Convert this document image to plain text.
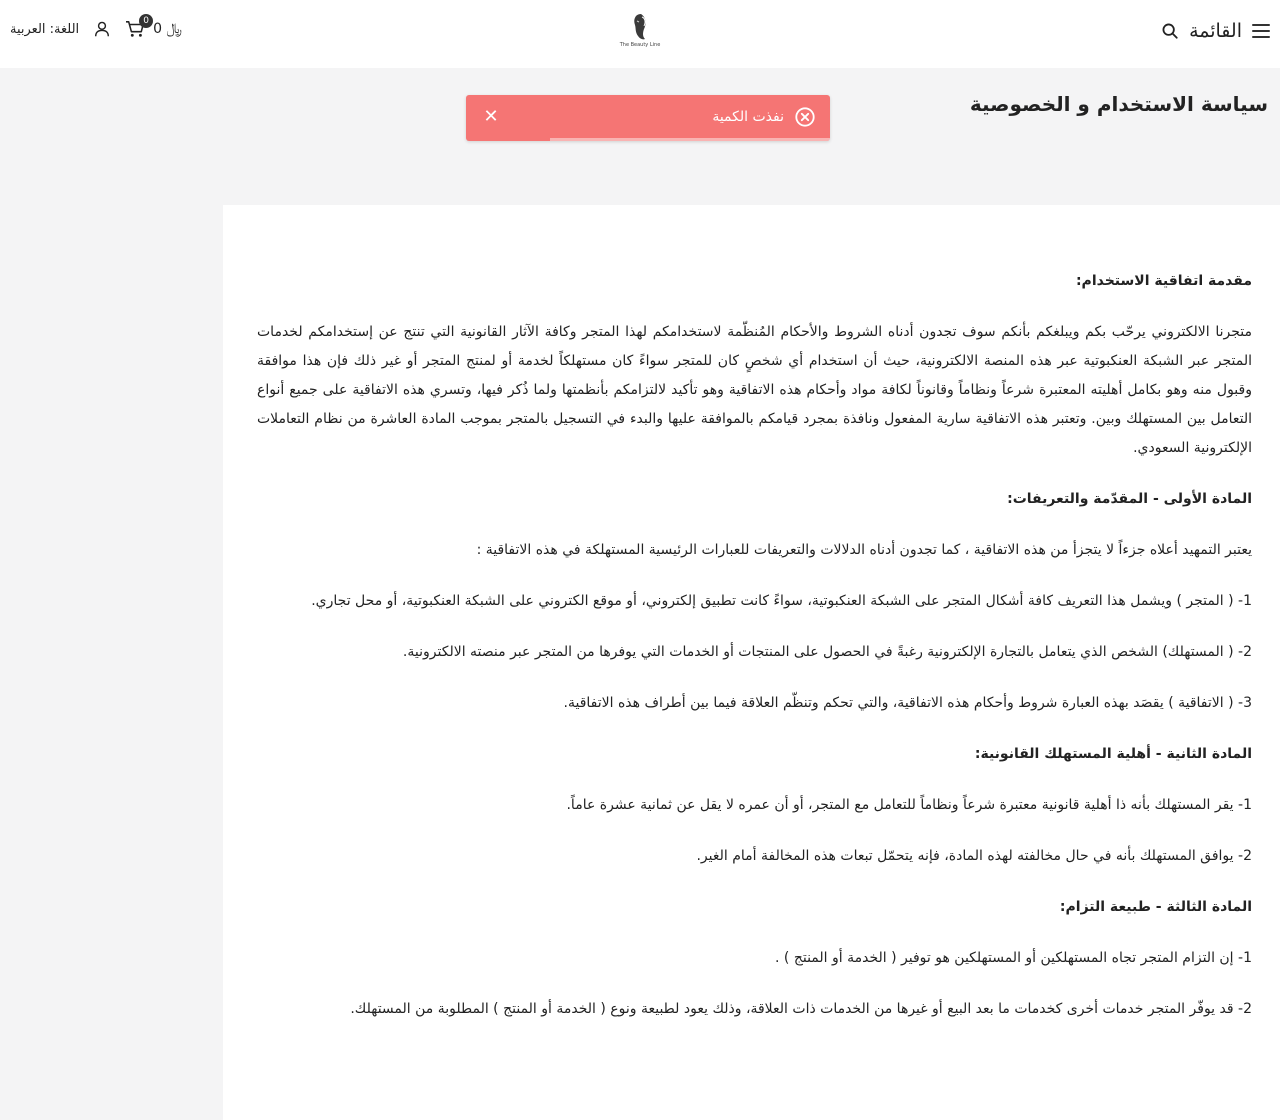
القائمة
The Beauty Line
اللغة: العربية
0 0 ﷼
سياسة الاستخدام و الخصوصية
نفذت الكمية
✕

مقدمة اتفاقية الاستخدام:

متجرنا الالكتروني يرحّب بكم ويبلغكم بأنكم سوف تجدون أدناه الشروط والأحكام المُنظّمة لاستخدامكم لهذا المتجر وكافة الآثار القانونية التي تنتج عن إستخدامكم لخدمات المتجر عبر الشبكة العنكبوتية عبر هذه المنصة الالكترونية، حيث أن استخدام أي شخصٍ كان للمتجر سواءً كان مستهلكاً لخدمة أو لمنتج المتجر أو غير ذلك فإن هذا موافقة وقبول منه وهو بكامل أهليته المعتبرة شرعاً ونظاماً وقانوناً لكافة مواد وأحكام هذه الاتفاقية وهو تأكيد لالتزامكم بأنظمتها ولما ذُكر فيها، وتسري هذه الاتفاقية على جميع أنواع التعامل بين المستهلك وبين. وتعتبر هذه الاتفاقية سارية المفعول ونافذة بمجرد قيامكم بالموافقة عليها والبدء في التسجيل بالمتجر بموجب المادة العاشرة من نظام التعاملات الإلكترونية السعودي.

المادة الأولى - المقدّمة والتعريفات:

يعتبر التمهيد أعلاه جزءاً لا يتجزأ من هذه الاتفاقية ، كما تجدون أدناه الدلالات والتعريفات للعبارات الرئيسية المستهلكة في هذه الاتفاقية :

1- ( المتجر ) ويشمل هذا التعريف كافة أشكال المتجر على الشبكة العنكبوتية، سواءً كانت تطبيق إلكتروني، أو موقع الكتروني على الشبكة العنكبوتية، أو محل تجاري.

2- ( المستهلك) الشخص الذي يتعامل بالتجارة الإلكترونية رغبةً في الحصول على المنتجات أو الخدمات التي يوفرها من المتجر عبر منصته الالكترونية.

3- ( الاتفاقية ) يقصَد بهذه العبارة شروط وأحكام هذه الاتفاقية، والتي تحكم وتنظّم العلاقة فيما بين أطراف هذه الاتفاقية.

المادة الثانية - أهلية المستهلك القانونية:

1- يقر المستهلك بأنه ذا أهلية قانونية معتبرة شرعاً ونظاماً للتعامل مع المتجر، أو أن عمره لا يقل عن ثمانية عشرة عاماً.

2- يوافق المستهلك بأنه في حال مخالفته لهذه المادة، فإنه يتحمّل تبعات هذه المخالفة أمام الغير.

المادة الثالثة - طبيعة التزام:

1- إن التزام المتجر تجاه المستهلكين أو المستهلكين هو توفير ( الخدمة أو المنتج ) .

2- قد يوفّر المتجر خدمات أخرى كخدمات ما بعد البيع أو غيرها من الخدمات ذات العلاقة، وذلك يعود لطبيعة ونوع ( الخدمة أو المنتج ) المطلوبة من المستهلك.
